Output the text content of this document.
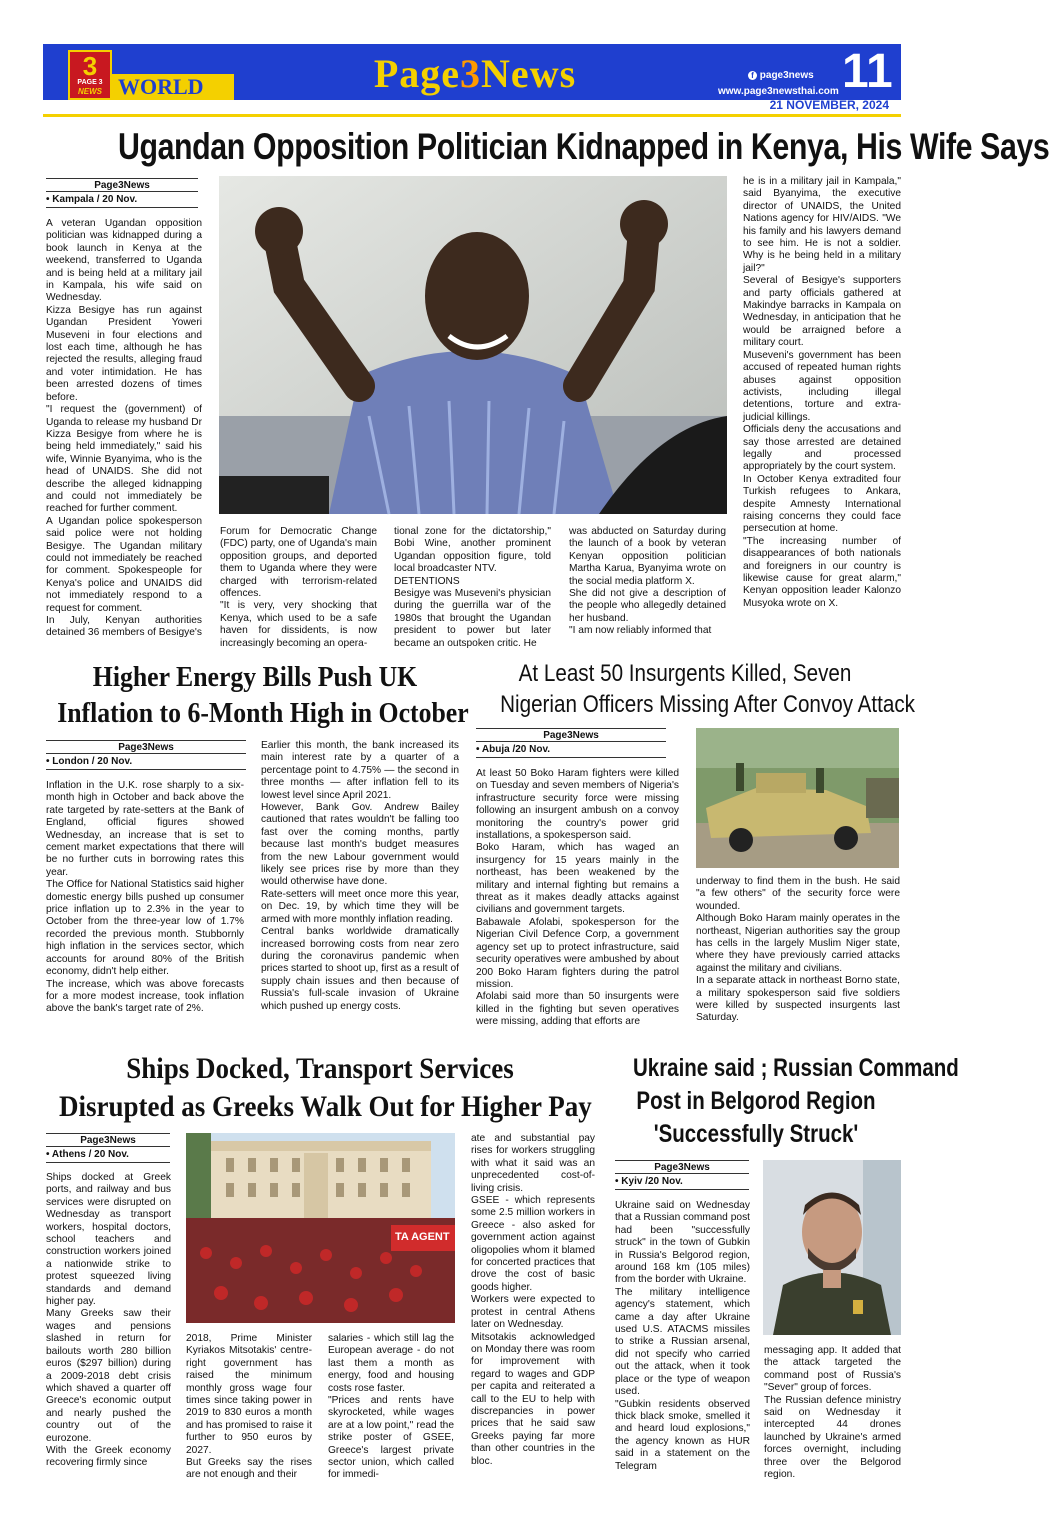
3
PAGE 3
NEWS WORLD	Page3News	f page3news
www.page3newsthai.com 11
21 NOVEMBER, 2024
Ugandan Opposition Politician Kidnapped in Kenya, His Wife Says
Page3News
• Kampala / 20 Nov.

A veteran Ugandan opposition politician was kidnapped during a book launch in Kenya at the weekend, transferred to Uganda and is being held at a military jail in Kampala, his wife said on Wednesday.
Kizza Besigye has run against Ugandan President Yoweri Museveni in four elections and lost each time, although he has rejected the results, alleging fraud and voter intimidation. He has been arrested dozens of times before.
"I request the (government) of Uganda to release my husband Dr Kizza Besigye from where he is being held immediately," said his wife, Winnie Byanyima, who is the head of UNAIDS. She did not describe the alleged kidnapping and could not immediately be reached for further comment.
A Ugandan police spokesperson said police were not holding Besigye. The Ugandan military could not immediately be reached for comment. Spokespeople for Kenya's police and UNAIDS did not immediately respond to a request for comment.
In July, Kenyan authorities detained 36 members of Besigye's

Forum for Democratic Change (FDC) party, one of Uganda's main opposition groups, and deported them to Uganda where they were charged with terrorism-related offences.
"It is very, very shocking that Kenya, which used to be a safe haven for dissidents, is now increasingly becoming an opera-

tional zone for the dictatorship," Bobi Wine, another prominent Ugandan opposition figure, told local broadcaster NTV.
DETENTIONS
Besigye was Museveni's physician during the guerrilla war of the 1980s that brought the Ugandan president to power but later became an outspoken critic. He

was abducted on Saturday during the launch of a book by veteran Kenyan opposition politician Martha Karua, Byanyima wrote on the social media platform X.
She did not give a description of the people who allegedly detained her husband.
"I am now reliably informed that

he is in a military jail in Kampala," said Byanyima, the executive director of UNAIDS, the United Nations agency for HIV/AIDS. "We his family and his lawyers demand to see him. He is not a soldier. Why is he being held in a military jail?"
Several of Besigye's supporters and party officials gathered at Makindye barracks in Kampala on Wednesday, in anticipation that he would be arraigned before a military court.
Museveni's government has been accused of repeated human rights abuses against opposition activists, including illegal detentions, torture and extra-judicial killings.
Officials deny the accusations and say those arrested are detained legally and processed appropriately by the court system.
In October Kenya extradited four Turkish refugees to Ankara, despite Amnesty International raising concerns they could face persecution at home.
"The increasing number of disappearances of both nationals and foreigners in our country is likewise cause for great alarm," Kenyan opposition leader Kalonzo Musyoka wrote on X.

Higher Energy Bills Push UK
Inflation to 6-Month High in October
Page3News
• London / 20 Nov.

Inflation in the U.K. rose sharply to a six-month high in October and back above the rate targeted by rate-setters at the Bank of England, official figures showed Wednesday, an increase that is set to cement market expectations that there will be no further cuts in borrowing rates this year.
The Office for National Statistics said higher domestic energy bills pushed up consumer price inflation up to 2.3% in the year to October from the three-year low of 1.7% recorded the previous month. Stubbornly high inflation in the services sector, which accounts for around 80% of the British economy, didn't help either.
The increase, which was above forecasts for a more modest increase, took inflation above the bank's target rate of 2%.

Earlier this month, the bank increased its main interest rate by a quarter of a percentage point to 4.75% — the second in three months — after inflation fell to its lowest level since April 2021.
However, Bank Gov. Andrew Bailey cautioned that rates wouldn't be falling too fast over the coming months, partly because last month's budget measures from the new Labour government would likely see prices rise by more than they would otherwise have done.
Rate-setters will meet once more this year, on Dec. 19, by which time they will be armed with more monthly inflation reading.
Central banks worldwide dramatically increased borrowing costs from near zero during the coronavirus pandemic when prices started to shoot up, first as a result of supply chain issues and then because of Russia's full-scale invasion of Ukraine which pushed up energy costs.

At Least 50 Insurgents Killed, Seven
Nigerian Officers Missing After Convoy Attack
Page3News
• Abuja /20 Nov.

At least 50 Boko Haram fighters were killed on Tuesday and seven members of Nigeria's infrastructure security force were missing following an insurgent ambush on a convoy monitoring the country's power grid installations, a spokesperson said.
Boko Haram, which has waged an insurgency for 15 years mainly in the northeast, has been weakened by the military and internal fighting but remains a threat as it makes deadly attacks against civilians and government targets.
Babawale Afolabi, spokesperson for the Nigerian Civil Defence Corp, a government agency set up to protect infrastructure, said security operatives were ambushed by about 200 Boko Haram fighters during the patrol mission.
Afolabi said more than 50 insurgents were killed in the fighting but seven operatives were missing, adding that efforts are

underway to find them in the bush. He said "a few others" of the security force were wounded.
Although Boko Haram mainly operates in the northeast, Nigerian authorities say the group has cells in the largely Muslim Niger state, where they have previously carried attacks against the military and civilians.
In a separate attack in northeast Borno state, a military spokesperson said five soldiers were killed by suspected insurgents last Saturday.

Ships Docked, Transport Services
Disrupted as Greeks Walk Out for Higher Pay
Page3News
• Athens / 20 Nov.

Ships docked at Greek ports, and railway and bus services were disrupted on Wednesday as transport workers, hospital doctors, school teachers and construction workers joined a nationwide strike to protest squeezed living standards and demand higher pay.
Many Greeks saw their wages and pensions slashed in return for bailouts worth 280 billion euros ($297 billion) during a 2009-2018 debt crisis which shaved a quarter off Greece's economic output and nearly pushed the country out of the eurozone.
With the Greek economy recovering firmly since

TA AGENT

2018, Prime Minister Kyriakos Mitsotakis' centre-right government has raised the minimum monthly gross wage four times since taking power in 2019 to 830 euros a month and has promised to raise it further to 950 euros by 2027.
But Greeks say the rises are not enough and their

salaries - which still lag the European average - do not last them a month as energy, food and housing costs rose faster.
"Prices and rents have skyrocketed, while wages are at a low point," read the strike poster of GSEE, Greece's largest private sector union, which called for immedi-

ate and substantial pay rises for workers struggling with what it said was an unprecedented cost-of-living crisis.
GSEE - which represents some 2.5 million workers in Greece - also asked for government action against oligopolies whom it blamed for concerted practices that drove the cost of basic goods higher.
Workers were expected to protest in central Athens later on Wednesday.
Mitsotakis acknowledged on Monday there was room for improvement with regard to wages and GDP per capita and reiterated a call to the EU to help with discrepancies in power prices that he said saw Greeks paying far more than other countries in the bloc.

Ukraine said ; Russian Command
Post in Belgorod Region
'Successfully Struck'
Page3News
• Kyiv /20 Nov.

Ukraine said on Wednesday that a Russian command post had been "successfully struck" in the town of Gubkin in Russia's Belgorod region, around 168 km (105 miles) from the border with Ukraine.
The military intelligence agency's statement, which came a day after Ukraine used U.S. ATACMS missiles to strike a Russian arsenal, did not specify who carried out the attack, when it took place or the type of weapon used.
"Gubkin residents observed thick black smoke, smelled it and heard loud explosions," the agency known as HUR said in a statement on the Telegram

messaging app. It added that the attack targeted the command post of Russia's "Sever" group of forces.
The Russian defence ministry said on Wednesday it intercepted 44 drones launched by Ukraine's armed forces overnight, including three over the Belgorod region.
